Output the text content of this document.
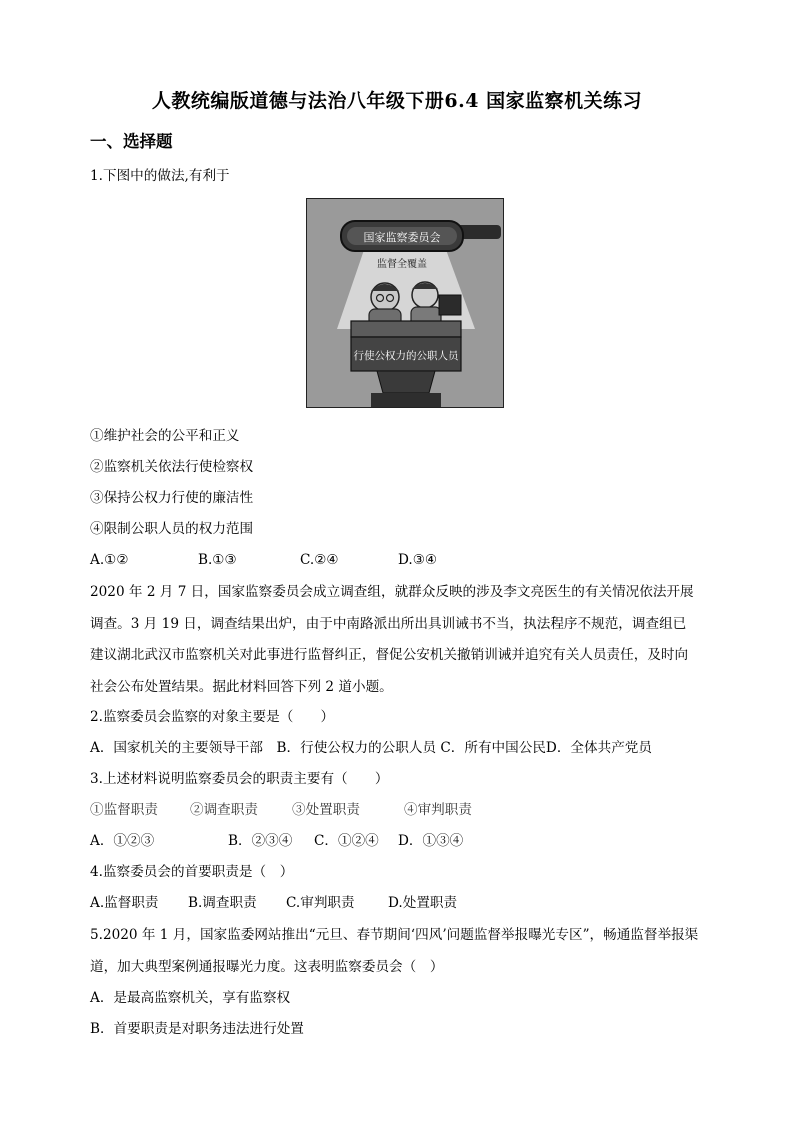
人教统编版道德与法治八年级下册6.4 国家监察机关练习
一、选择题
1.下图中的做法,有利于
国家监察委员会
监督全覆盖
行使公权力的公职人员
①维护社会的公平和正义
②监察机关依法行使检察权
③保持公权力行使的廉洁性
④限制公职人员的权力范围
A.①②	B.①③	C.②④	D.③④
2020 年 2 月 7 日，国家监察委员会成立调查组，就群众反映的涉及李文亮医生的有关情况依法开展
调查。3 月 19 日，调查结果出炉，由于中南路派出所出具训诫书不当，执法程序不规范，调查组已
建议湖北武汉市监察机关对此事进行监督纠正，督促公安机关撤销训诫并追究有关人员责任，及时向
社会公布处置结果。据此材料回答下列 2 道小题。
2.监察委员会监察的对象主要是（　　）
A．国家机关的主要领导干部　B．行使公权力的公职人员 C．所有中国公民D．全体共产党员
3.上述材料说明监察委员会的职责主要有（　　）
①监督职责 ②调查职责	③处置职责	④审判职责
A．①②③	B．②③④ C．①②④ D．①③④
4.监察委员会的首要职责是（　）
A.监督职责 B.调查职责 C.审判职责 D.处置职责
5.2020 年 1 月，国家监委网站推出“元旦、春节期间‘四风’问题监督举报曝光专区”，畅通监督举报渠
道，加大典型案例通报曝光力度。这表明监察委员会（　）
A．是最高监察机关，享有监察权
B．首要职责是对职务违法进行处置
